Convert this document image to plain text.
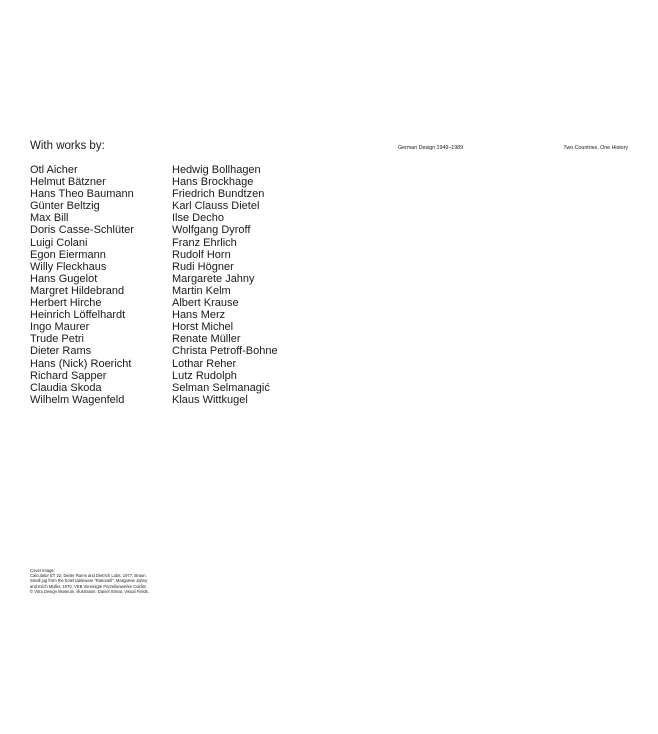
With works by:
Otl Aicher
Helmut Bätzner
Hans Theo Baumann
Günter Beltzig
Max Bill
Doris Casse-Schlüter
Luigi Colani
Egon Eiermann
Willy Fleckhaus
Hans Gugelot
Margret Hildebrand
Herbert Hirche
Heinrich Löffelhardt
Ingo Maurer
Trude Petri
Dieter Rams
Hans (Nick) Roericht
Richard Sapper
Claudia Skoda
Wilhelm Wagenfeld
Hedwig Bollhagen
Hans Brockhage
Friedrich Bundtzen
Karl Clauss Dietel
Ilse Decho
Wolfgang Dyroff
Franz Ehrlich
Rudolf Horn
Rudi Högner
Margarete Jahny
Martin Kelm
Albert Krause
Hans Merz
Horst Michel
Renate Müller
Christa Petroff-Bohne
Lothar Reher
Lutz Rudolph
Selman Selmanagić
Klaus Wittkugel
German Design 1949–1989	Two Countries, One History

Cover image:

Calculator ET 22, Dieter Rams and Dietrich Lubs, 1977, Braun.

Small jug from the hotel tableware “Rationell”, Margarete Jahny

and Erich Müller, 1970, VEB Vereinigte Porzellanwerke Colditz.

© Vitra Design Museum, illustration: Daniel Streat, Visual Fields.
